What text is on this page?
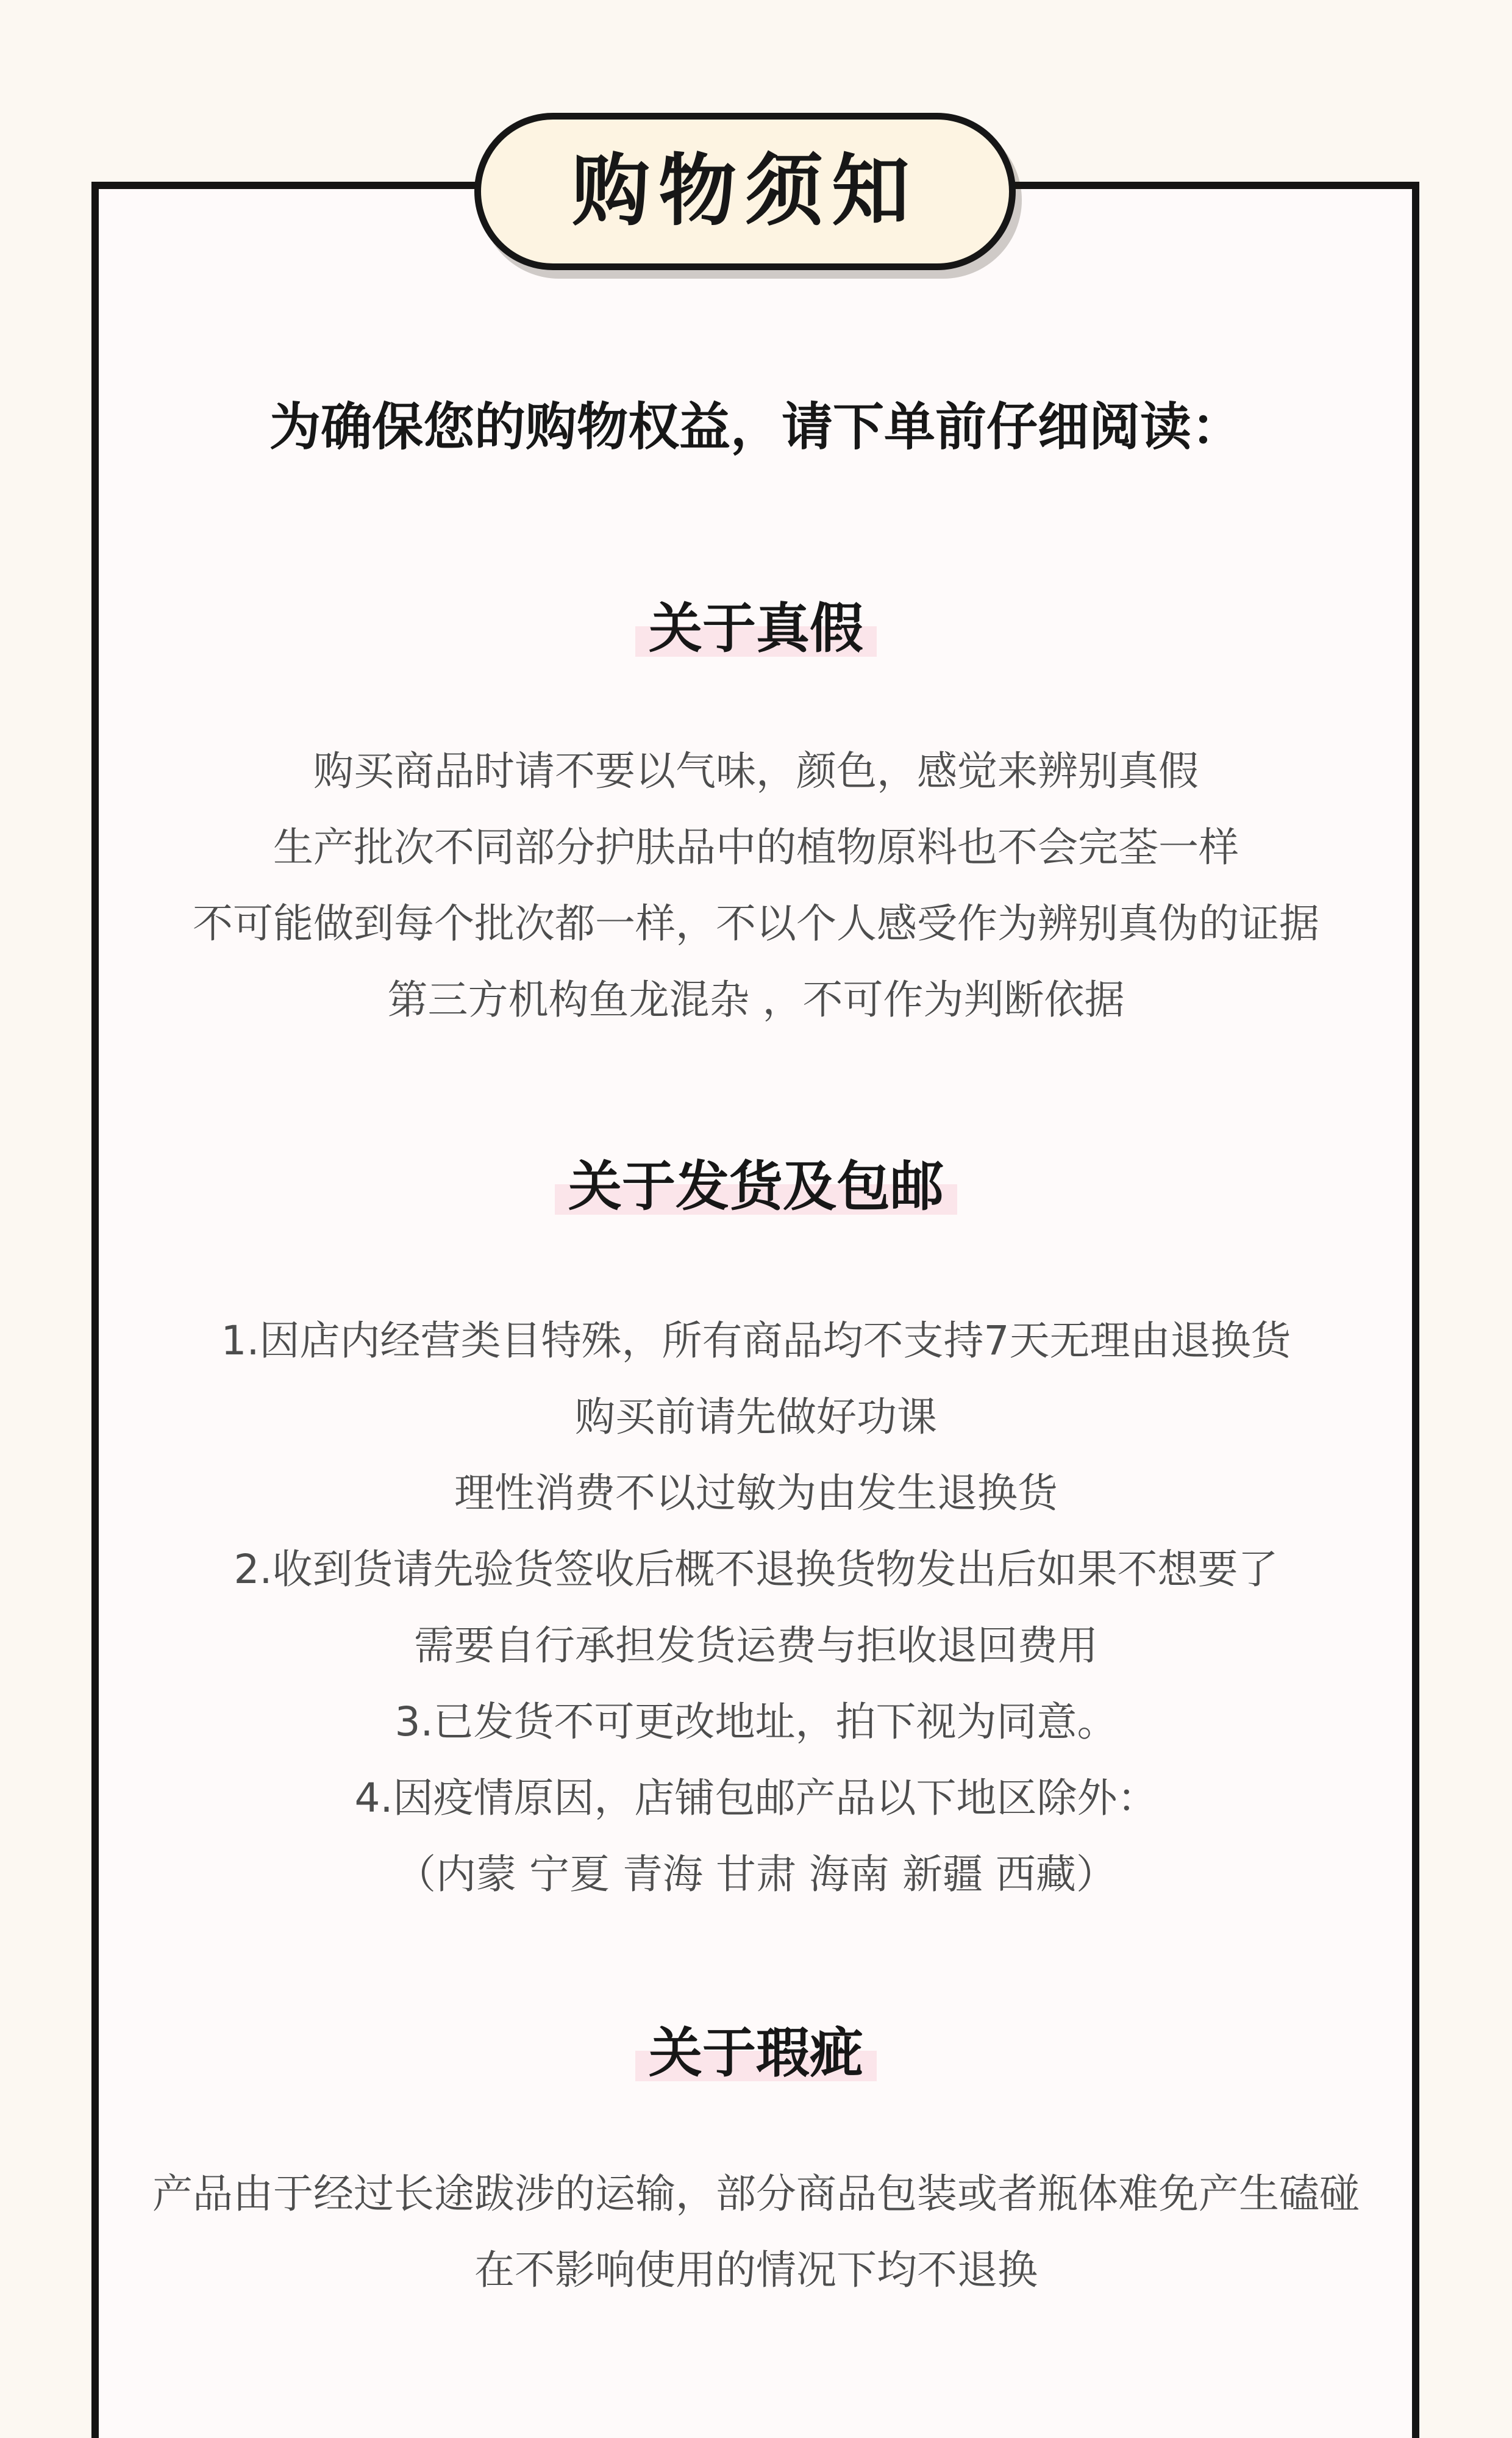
购物须知
为确保您的购物权益，请下单前仔细阅读：
关于真假
购买商品时请不要以气味，颜色，感觉来辨别真假
生产批次不同部分护肤品中的植物原料也不会完荃一样
不可能做到每个批次都一样，不以个人感受作为辨别真伪的证据
第三方机构鱼龙混杂 ，不可作为判断依据
关于发货及包邮
1.因店内经营类目特殊，所有商品均不支持7天无理由退换货
购买前请先做好功课
理性消费不以过敏为由发生退换货
2.收到货请先验货签收后概不退换货物发出后如果不想要了
需要自行承担发货运费与拒收退回费用
3.已发货不可更改地址，拍下视为同意。
4.因疫情原因，店铺包邮产品以下地区除外：
（内蒙 宁夏 青海 甘肃 海南 新疆 西藏）
关于瑕疵
产品由于经过长途跋涉的运输，部分商品包装或者瓶体难免产生磕碰
在不影响使用的情况下均不退换
